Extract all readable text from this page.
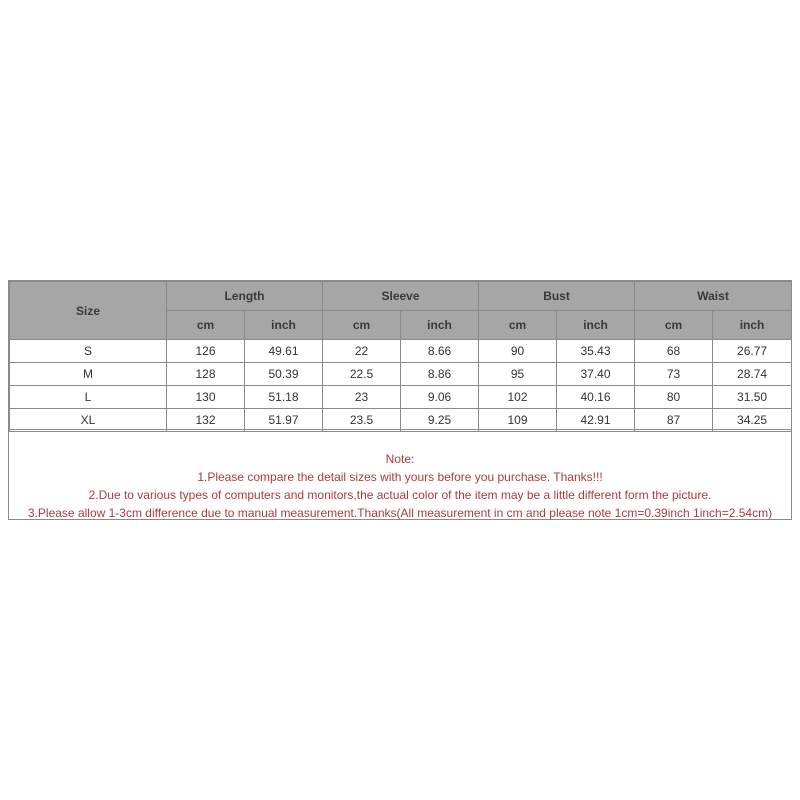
Size	Length		Sleeve		Bust		Waist	
	cm	inch	cm	inch	cm	inch	cm	inch
S	126	49.61	22	8.66	90	35.43	68	26.77
M	128	50.39	22.5	8.86	95	37.40	73	28.74
L	130	51.18	23	9.06	102	40.16	80	31.50
XL	132	51.97	23.5	9.25	109	42.91	87	34.25
Note:
1.Please compare the detail sizes with yours before you purchase. Thanks!!!
2.Due to various types of computers and monitors,the actual color of the item may be a little different form the picture.
3.Please allow 1-3cm difference due to manual measurement.Thanks(All measurement in cm and please note 1cm=0.39inch 1inch=2.54cm)
